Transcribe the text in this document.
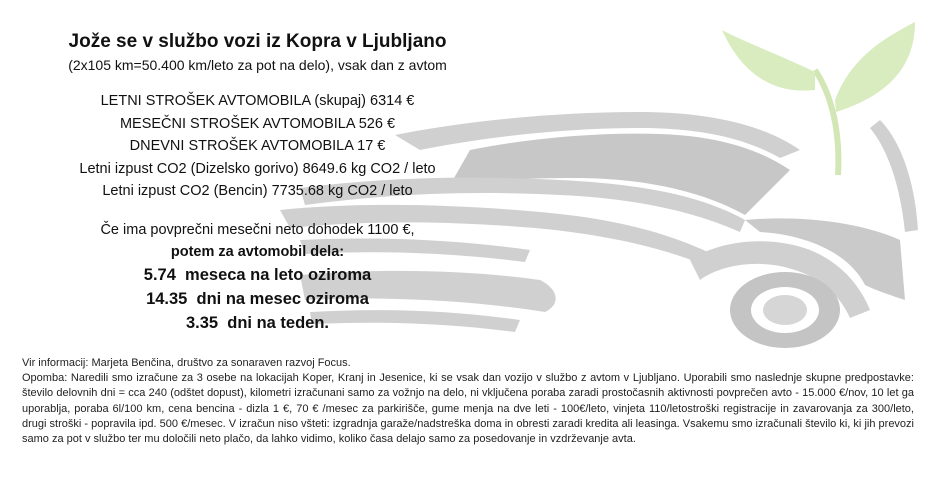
Jože se v službo vozi iz Kopra v Ljubljano

(2x105 km=50.400 km/leto za pot na delo), vsak dan z avtom

LETNI STROŠEK AVTOMOBILA (skupaj) 6314 €
MESEČNI STROŠEK AVTOMOBILA 526 €
DNEVNI STROŠEK AVTOMOBILA 17 €
Letni izpust CO2 (Dizelsko gorivo) 8649.6 kg CO2 / leto
Letni izpust CO2 (Bencin) 7735.68 kg CO2 / leto
Če ima povprečni mesečni neto dohodek 1100 €,
potem za avtomobil dela:
5.74  meseca na leto oziroma
14.35  dni na mesec oziroma
3.35  dni na teden.

Vir informacij: Marjeta Benčina, društvo za sonaraven razvoj Focus.

Opomba: Naredili smo izračune za 3 osebe na lokacijah Koper, Kranj in Jesenice, ki se vsak dan vozijo v službo z avtom v Ljubljano. Uporabili smo naslednje skupne predpostavke: število delovnih dni = cca 240 (odštet dopust), kilometri izračunani samo za vožnjo na delo, ni vključena poraba zaradi prostočasnih aktivnosti povprečen avto - 15.000 €/nov, 10 let ga uporablja, poraba 6l/100 km, cena bencina - dizla 1 €, 70 € /mesec za parkirišče, gume menja na dve leti - 100€/leto, vinjeta 110/letostroški registracije in zavarovanja za 300/leto, drugi stroški - popravila ipd. 500 €/mesec. V izračun niso všteti: izgradnja garaže/nadstreška doma in obresti zaradi kredita ali leasinga. Vsakemu smo izračunali število ki, ki jih prevozi samo za pot v službo ter mu določili neto plačo, da lahko vidimo, koliko časa delajo samo za posedovanje in vzdrževanje avta.
